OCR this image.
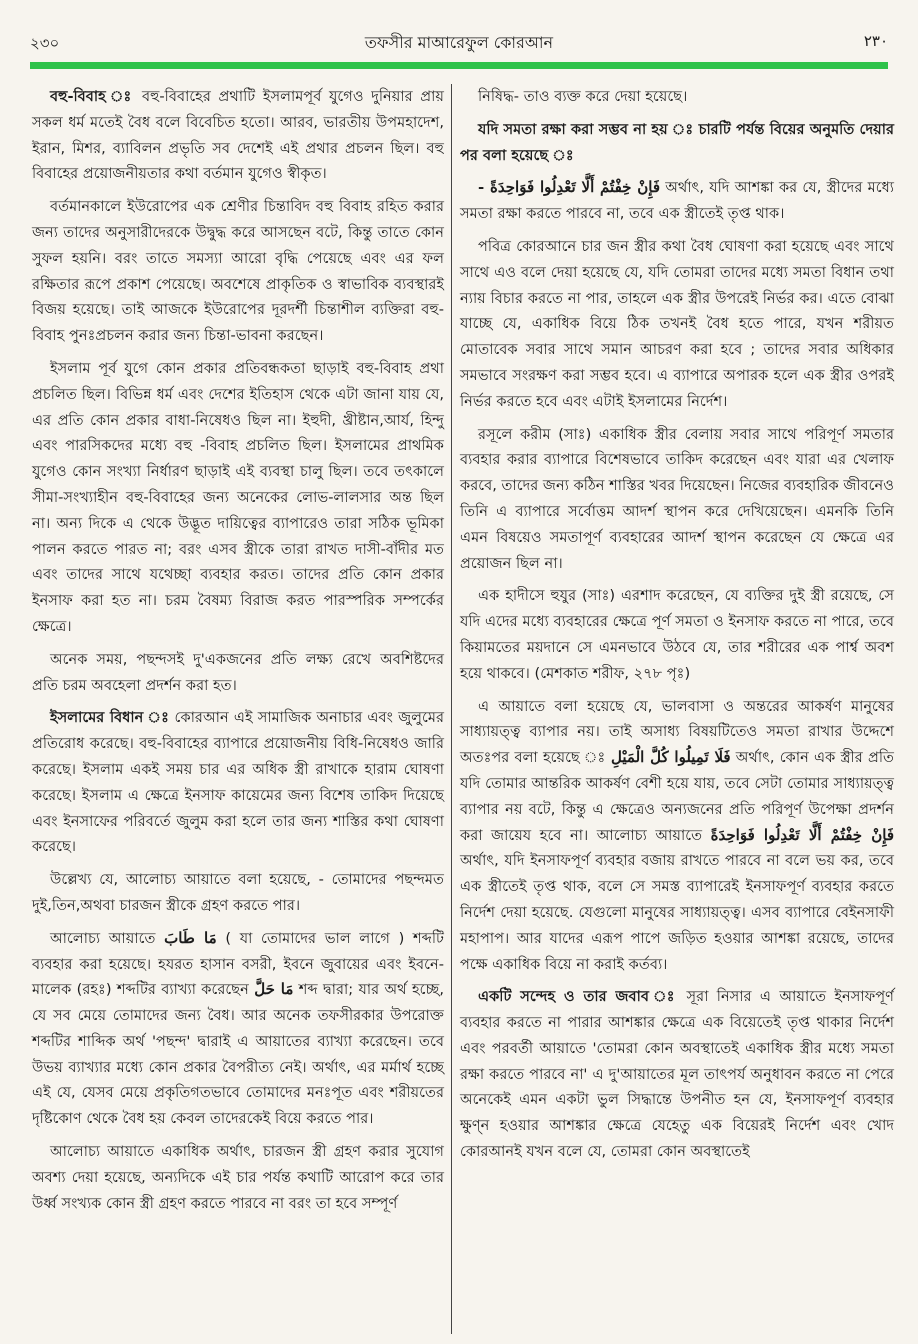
২৩০	তফসীর মাআরেফুল কোরআন	٢٣٠

বহু-বিবাহ ঃ বহু-বিবাহের প্রথাটি ইসলামপূর্ব যুগেও দুনিয়ার প্রায় সকল ধর্ম মতেই বৈধ বলে বিবেচিত হতো। আরব, ভারতীয় উপমহাদেশ, ইরান, মিশর, ব্যাবিলন প্রভৃতি সব দেশেই এই প্রথার প্রচলন ছিল। বহু বিবাহের প্রয়োজনীয়তার কথা বর্তমান যুগেও স্বীকৃত।

বর্তমানকালে ইউরোপের এক শ্রেণীর চিন্তাবিদ বহু বিবাহ রহিত করার জন্য তাদের অনুসারীদেরকে উদ্বুদ্ধ করে আসছেন বটে, কিন্তু তাতে কোন সুফল হয়নি। বরং তাতে সমস্যা আরো বৃদ্ধি পেয়েছে এবং এর ফল রক্ষিতার রূপে প্রকাশ পেয়েছে। অবশেষে প্রাকৃতিক ও স্বাভাবিক ব্যবস্থারই বিজয় হয়েছে। তাই আজকে ইউরোপের দূরদর্শী চিন্তাশীল ব্যক্তিরা বহু-বিবাহ পুনঃপ্রচলন করার জন্য চিন্তা-ভাবনা করছেন।

ইসলাম পূর্ব যুগে কোন প্রকার প্রতিবন্ধকতা ছাড়াই বহু-বিবাহ প্রথা প্রচলিত ছিল। বিভিন্ন ধর্ম এবং দেশের ইতিহাস থেকে এটা জানা যায় যে, এর প্রতি কোন প্রকার বাধা-নিষেধও ছিল না। ইহুদী, খ্রীষ্টান,আর্য, হিন্দু এবং পারসিকদের মধ্যে বহু -বিবাহ প্রচলিত ছিল। ইসলামের প্রাথমিক যুগেও কোন সংখ্যা নির্ধারণ ছাড়াই এই ব্যবস্থা চালু ছিল। তবে তৎকালে সীমা-সংখ্যাহীন বহু-বিবাহের জন্য অনেকের লোভ-লালসার অন্ত ছিল না। অন্য দিকে এ থেকে উদ্ভূত দায়িত্বের ব্যাপারেও তারা সঠিক ভূমিকা পালন করতে পারত না; বরং এসব স্ত্রীকে তারা রাখত দাসী-বাঁদীর মত এবং তাদের সাথে যথেচ্ছা ব্যবহার করত। তাদের প্রতি কোন প্রকার ইনসাফ করা হত না। চরম বৈষম্য বিরাজ করত পারস্পরিক সম্পর্কের ক্ষেত্রে।

অনেক সময়, পছন্দসই দু'একজনের প্রতি লক্ষ্য রেখে অবশিষ্টদের প্রতি চরম অবহেলা প্রদর্শন করা হত।

ইসলামের বিধান ঃ কোরআন এই সামাজিক অনাচার এবং জুলুমের প্রতিরোধ করেছে। বহু-বিবাহের ব্যাপারে প্রয়োজনীয় বিধি-নিষেধও জারি করেছে। ইসলাম একই সময় চার এর অধিক স্ত্রী রাখাকে হারাম ঘোষণা করেছে। ইসলাম এ ক্ষেত্রে ইনসাফ কায়েমের জন্য বিশেষ তাকিদ দিয়েছে এবং ইনসাফের পরিবর্তে জুলুম করা হলে তার জন্য শাস্তির কথা ঘোষণা করেছে।

উল্লেখ্য যে, আলোচ্য আয়াতে বলা হয়েছে, - তোমাদের পছন্দমত দুই,তিন,অথবা চারজন স্ত্রীকে গ্রহণ করতে পার।

আলোচ্য আয়াতে مَا طَابَ ( যা তোমাদের ভাল লাগে ) শব্দটি ব্যবহার করা হয়েছে। হযরত হাসান বসরী, ইবনে জুবায়ের এবং ইবনে-মালেক (রহঃ) শব্দটির ব্যাখ্যা করেছেন مَا حَلَّ শব্দ দ্বারা; যার অর্থ হচ্ছে, যে সব মেয়ে তোমাদের জন্য বৈধ। আর অনেক তফসীরকার উপরোক্ত শব্দটির শাব্দিক অর্থ 'পছন্দ' দ্বারাই এ আয়াতের ব্যাখ্যা করেছেন। তবে উভয় ব্যাখ্যার মধ্যে কোন প্রকার বৈপরীত্য নেই। অর্থাৎ, এর মর্মার্থ হচ্ছে এই যে, যেসব মেয়ে প্রকৃতিগতভাবে তোমাদের মনঃপূত এবং শরীয়তের দৃষ্টিকোণ থেকে বৈধ হয় কেবল তাদেরকেই বিয়ে করতে পার।

আলোচ্য আয়াতে একাধিক অর্থাৎ, চারজন স্ত্রী গ্রহণ করার সুযোগ অবশ্য দেয়া হয়েছে, অন্যদিকে এই চার পর্যন্ত কথাটি আরোপ করে তার উর্ধ্ব সংখ্যক কোন স্ত্রী গ্রহণ করতে পারবে না বরং তা হবে সম্পূর্ণ

নিষিদ্ধ- তাও ব্যক্ত করে দেয়া হয়েছে।

যদি সমতা রক্ষা করা সম্ভব না হয় ঃ চারটি পর্যন্ত বিয়ের অনুমতি দেয়ার পর বলা হয়েছে ঃ

فَإِنْ خِفْتُمْ أَلَّا تَعْدِلُوا فَوَاحِدَةً - অর্থাৎ, যদি আশঙ্কা কর যে, স্ত্রীদের মধ্যে সমতা রক্ষা করতে পারবে না, তবে এক স্ত্রীতেই তৃপ্ত থাক।

পবিত্র কোরআনে চার জন স্ত্রীর কথা বৈধ ঘোষণা করা হয়েছে এবং সাথে সাথে এও বলে দেয়া হয়েছে যে, যদি তোমরা তাদের মধ্যে সমতা বিধান তথা ন্যায় বিচার করতে না পার, তাহলে এক স্ত্রীর উপরেই নির্ভর কর। এতে বোঝা যাচ্ছে যে, একাধিক বিয়ে ঠিক তখনই বৈধ হতে পারে, যখন শরীয়ত মোতাবেক সবার সাথে সমান আচরণ করা হবে ; তাদের সবার অধিকার সমভাবে সংরক্ষণ করা সম্ভব হবে। এ ব্যাপারে অপারক হলে এক স্ত্রীর ওপরই নির্ভর করতে হবে এবং এটাই ইসলামের নির্দেশ।

রসূলে করীম (সাঃ) একাধিক স্ত্রীর বেলায় সবার সাথে পরিপূর্ণ সমতার ব্যবহার করার ব্যাপারে বিশেষভাবে তাকিদ করেছেন এবং যারা এর খেলাফ করবে, তাদের জন্য কঠিন শাস্তির খবর দিয়েছেন। নিজের ব্যবহারিক জীবনেও তিনি এ ব্যাপারে সর্বোত্তম আদর্শ স্থাপন করে দেখিয়েছেন। এমনকি তিনি এমন বিষয়েও সমতাপূর্ণ ব্যবহারের আদর্শ স্থাপন করেছেন যে ক্ষেত্রে এর প্রয়োজন ছিল না।

এক হাদীসে হুযুর (সাঃ) এরশাদ করেছেন, যে ব্যক্তির দুই স্ত্রী রয়েছে, সে যদি এদের মধ্যে ব্যবহারের ক্ষেত্রে পূর্ণ সমতা ও ইনসাফ করতে না পারে, তবে কিয়ামতের ময়দানে সে এমনভাবে উঠবে যে, তার শরীরের এক পার্শ্ব অবশ হয়ে থাকবে। (মেশকাত শরীফ, ২৭৮ পৃঃ)

এ আয়াতে বলা হয়েছে যে, ভালবাসা ও অন্তরের আকর্ষণ মানুষের সাধ্যায়ত্ত্ব ব্যাপার নয়। তাই অসাধ্য বিষয়টিতেও সমতা রাখার উদ্দেশে অতঃপর বলা হয়েছে ঃ فَلَا تَمِيلُوا كُلَّ الْمَيْلِ অর্থাৎ, কোন এক স্ত্রীর প্রতি যদি তোমার আন্তরিক আকর্ষণ বেশী হয়ে যায়, তবে সেটা তোমার সাধ্যায়ত্ত্ব ব্যাপার নয় বটে, কিন্তু এ ক্ষেত্রেও অন্যজনের প্রতি পরিপূর্ণ উপেক্ষা প্রদর্শন করা জায়েয হবে না। আলোচ্য আয়াতে فَإِنْ خِفْتُمْ أَلَّا تَعْدِلُوا فَوَاحِدَةً অর্থাৎ, যদি ইনসাফপূর্ণ ব্যবহার বজায় রাখতে পারবে না বলে ভয় কর, তবে এক স্ত্রীতেই তৃপ্ত থাক, বলে সে সমস্ত ব্যাপারেই ইনসাফপূর্ণ ব্যবহার করতে নির্দেশ দেয়া হয়েছে. যেগুলো মানুষের সাধ্যায়ত্ত্ব। এসব ব্যাপারে বেইনসাফী মহাপাপ। আর যাদের এরূপ পাপে জড়িত হওয়ার আশঙ্কা রয়েছে, তাদের পক্ষে একাধিক বিয়ে না করাই কর্তব্য।

একটি সন্দেহ ও তার জবাব ঃ সূরা নিসার এ আয়াতে ইনসাফপূর্ণ ব্যবহার করতে না পারার আশঙ্কার ক্ষেত্রে এক বিয়েতেই তৃপ্ত থাকার নির্দেশ এবং পরবর্তী আয়াতে 'তোমরা কোন অবস্থাতেই একাধিক স্ত্রীর মধ্যে সমতা রক্ষা করতে পারবে না' এ দু'আয়াতের মূল তাৎপর্য অনুধাবন করতে না পেরে অনেকেই এমন একটা ভুল সিদ্ধান্তে উপনীত হন যে, ইনসাফপূর্ণ ব্যবহার ক্ষুণ্ন হওয়ার আশঙ্কার ক্ষেত্রে যেহেতু এক বিয়েরই নির্দেশ এবং খোদ কোরআনই যখন বলে যে, তোমরা কোন অবস্থাতেই
